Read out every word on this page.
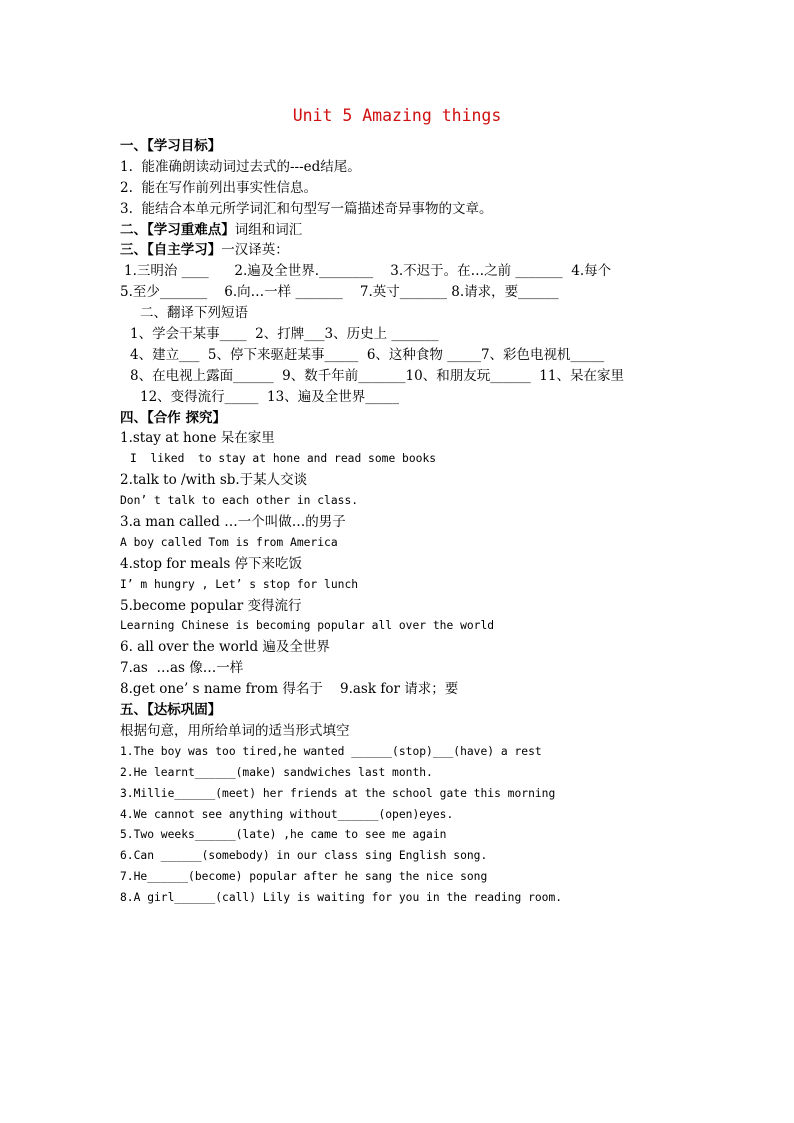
Unit 5 Amazing things
一、【学习目标】
1.  能准确朗读动词过去式的---ed结尾。
2.  能在写作前列出事实性信息。
3.  能结合本单元所学词汇和句型写一篇描述奇异事物的文章。
二、【学习重难点】词组和词汇
三、【自主学习】一汉译英：
1.三明治 ____      2.遍及全世界.________    3.不迟于。在…之前 _______  4.每个
5.至少_______    6.向…一样 _______    7.英寸_______ 8.请求，要______
二、翻译下列短语
1、学会干某事____  2、打牌___3、历史上 _______
4、建立___  5、停下来驱赶某事_____  6、这种食物 _____7、彩色电视机_____
8、在电视上露面______  9、数千年前_______10、和朋友玩______  11、呆在家里
12、变得流行_____  13、遍及全世界_____
四、【合作 探究】
1.stay at hone 呆在家里
I  liked  to stay at hone and read some books
2.talk to /with sb.于某人交谈
Don’ t talk to each other in class.
3.a man called …一个叫做…的男子
A boy called Tom is from America
4.stop for meals 停下来吃饭
I’ m hungry , Let’ s stop for lunch
5.become popular 变得流行
Learning Chinese is becoming popular all over the world
6. all over the world 遍及全世界
7.as  …as 像…一样
8.get one’ s name from 得名于    9.ask for 请求；要
五、【达标巩固】
根据句意，用所给单词的适当形式填空
1.The boy was too tired,he wanted ______(stop)___(have) a rest
2.He learnt______(make) sandwiches last month.
3.Millie______(meet) her friends at the school gate this morning
4.We cannot see anything without______(open)eyes.
5.Two weeks______(late) ,he came to see me again
6.Can ______(somebody) in our class sing English song.
7.He______(become) popular after he sang the nice song
8.A girl______(call) Lily is waiting for you in the reading room.
